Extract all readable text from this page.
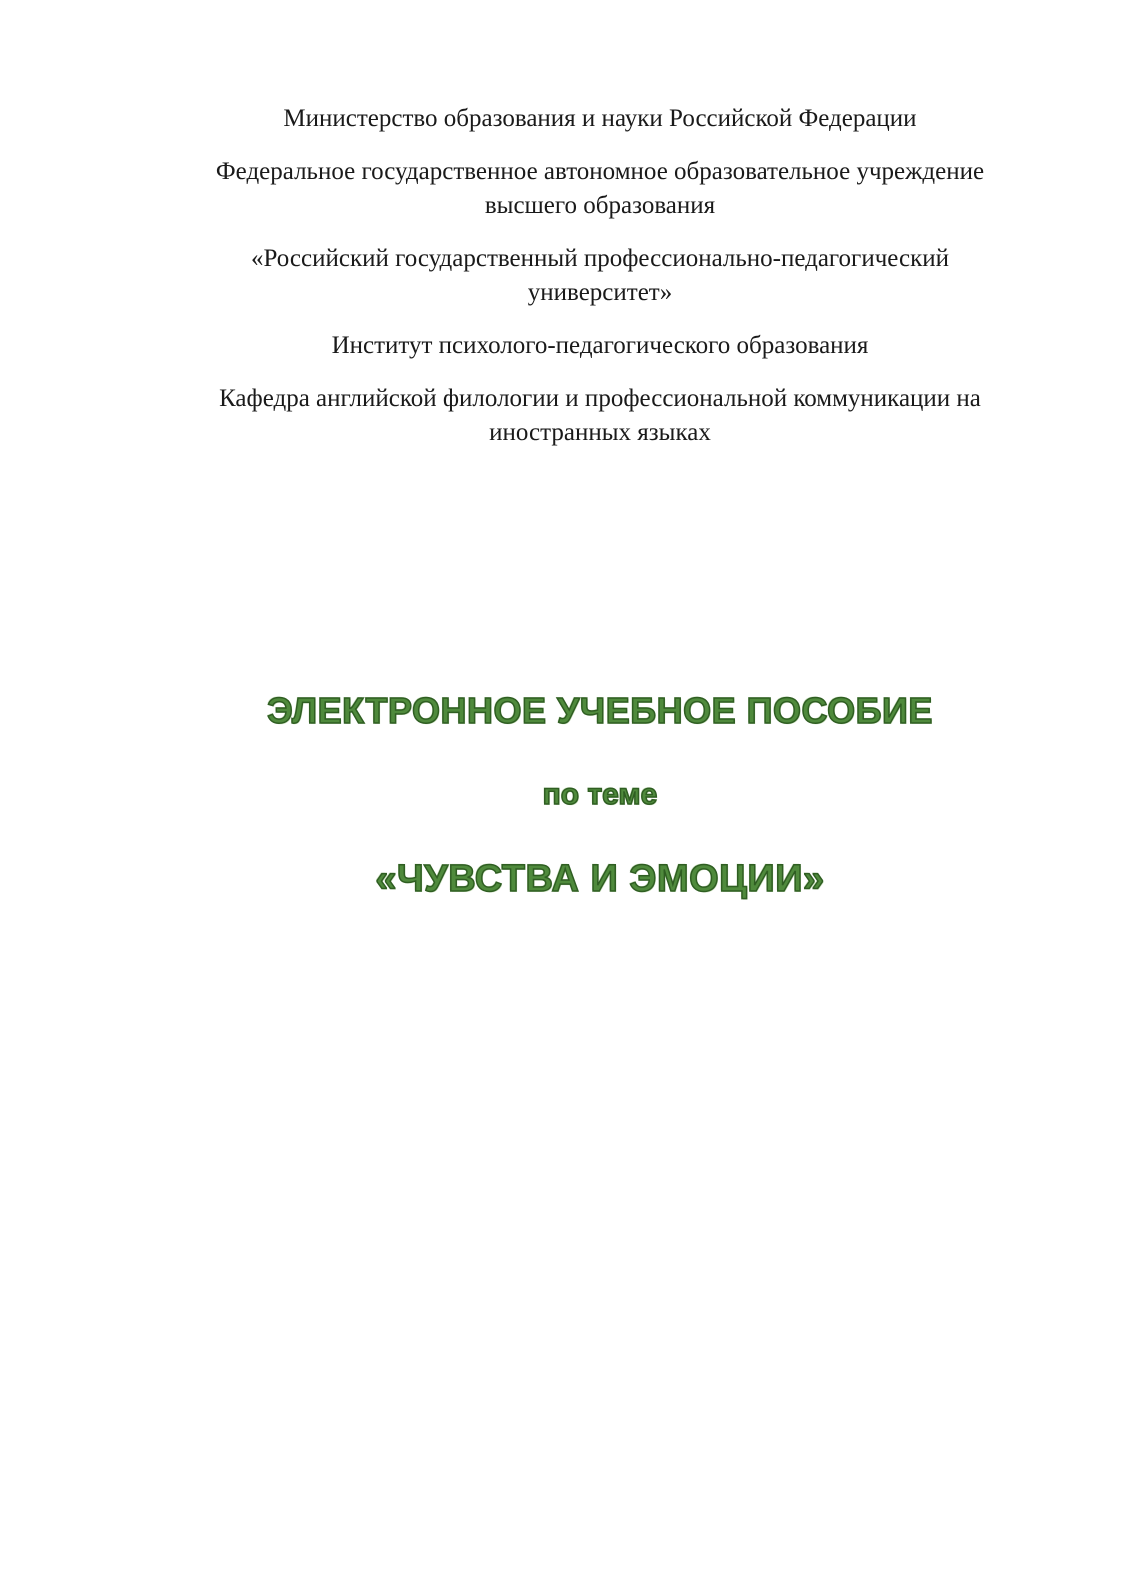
Министерство образования и науки Российской Федерации

Федеральное государственное автономное образовательное учреждение
высшего образования

«Российский государственный профессионально-педагогический
университет»

Институт психолого-педагогического образования

Кафедра английской филологии и профессиональной коммуникации на
иностранных языках

ЭЛЕКТРОННОЕ УЧЕБНОЕ ПОСОБИЕ
по теме
«ЧУВСТВА И ЭМОЦИИ»
